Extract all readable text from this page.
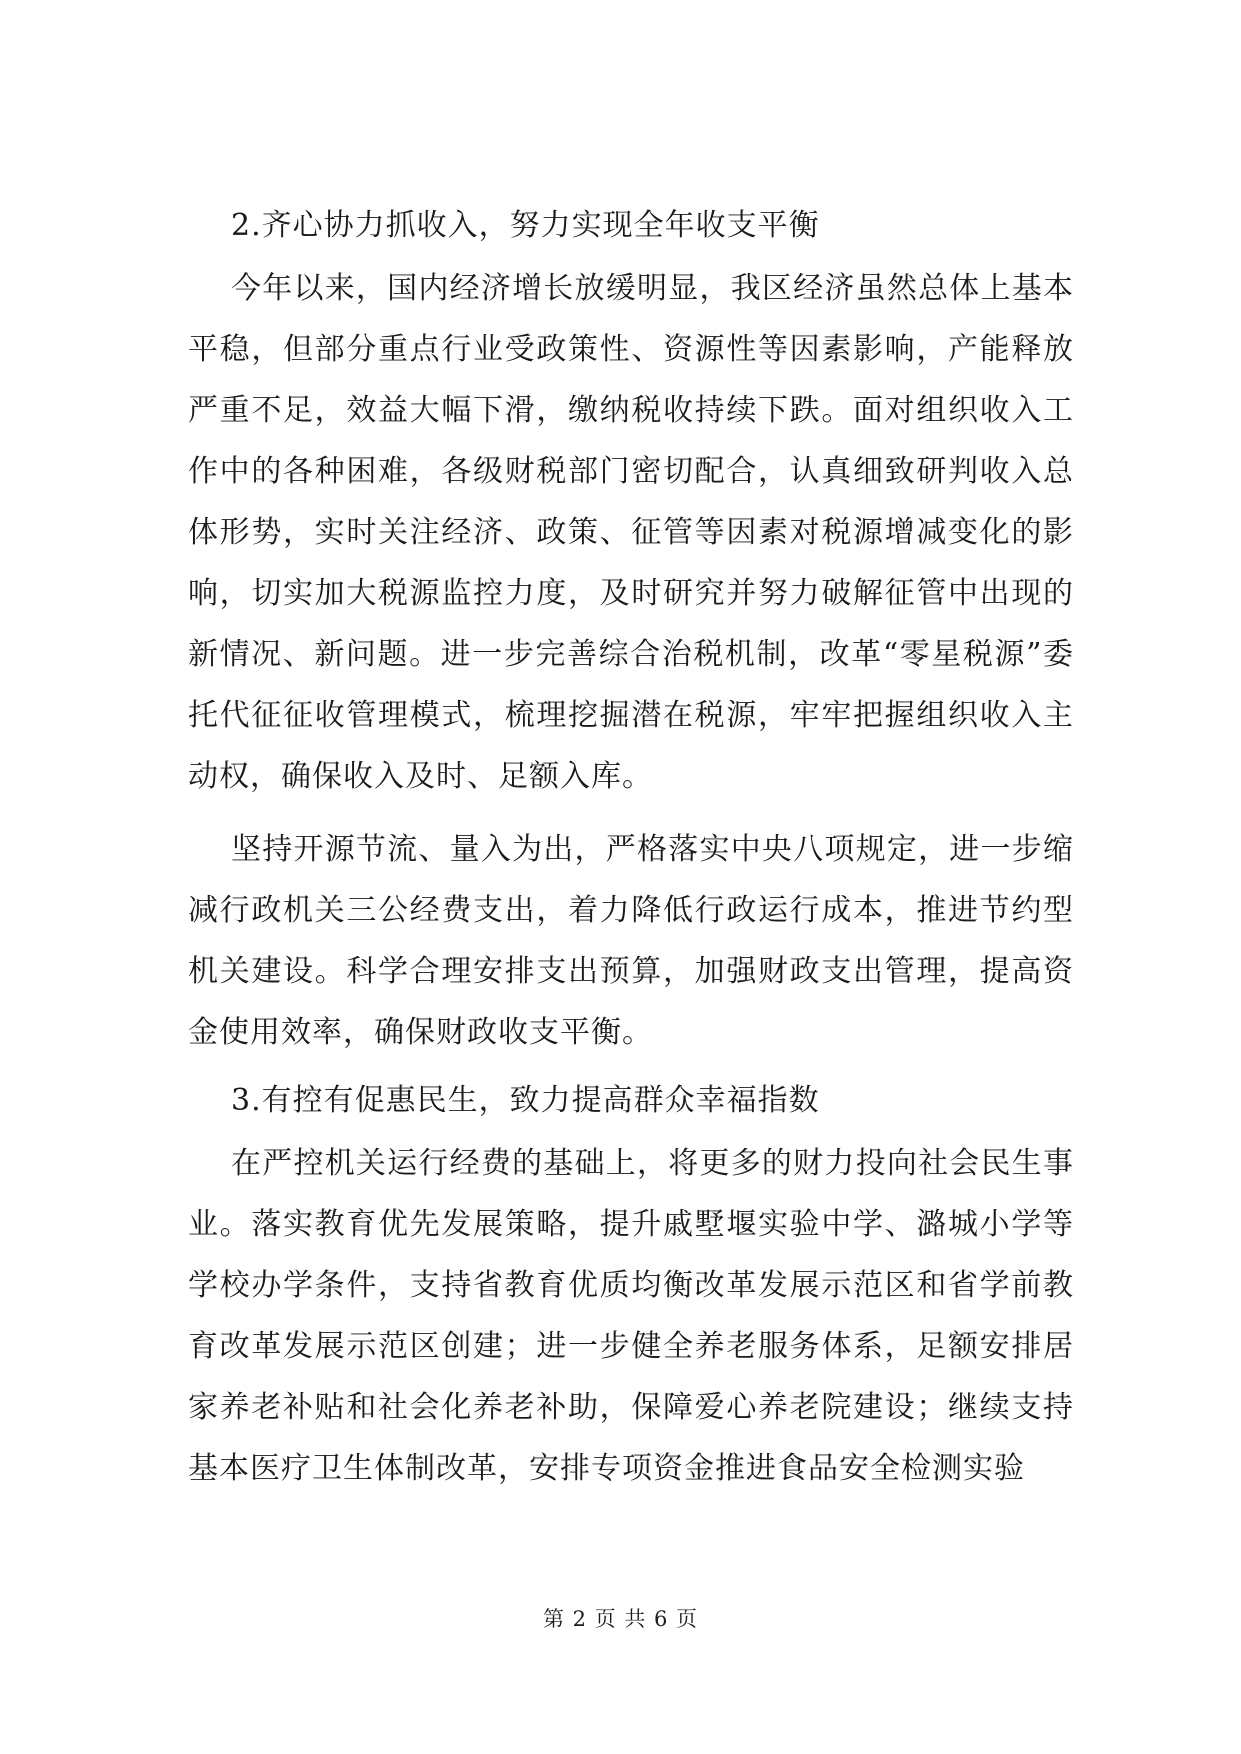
2.齐心协力抓收入，努力实现全年收支平衡

今年以来，国内经济增长放缓明显，我区经济虽然总体上基本平稳，但部分重点行业受政策性、资源性等因素影响，产能释放严重不足，效益大幅下滑，缴纳税收持续下跌。面对组织收入工作中的各种困难，各级财税部门密切配合，认真细致研判收入总体形势，实时关注经济、政策、征管等因素对税源增减变化的影响，切实加大税源监控力度，及时研究并努力破解征管中出现的新情况、新问题。进一步完善综合治税机制，改革“零星税源”委托代征征收管理模式，梳理挖掘潜在税源，牢牢把握组织收入主动权，确保收入及时、足额入库。

坚持开源节流、量入为出，严格落实中央八项规定，进一步缩减行政机关三公经费支出，着力降低行政运行成本，推进节约型机关建设。科学合理安排支出预算，加强财政支出管理，提高资金使用效率，确保财政收支平衡。

3.有控有促惠民生，致力提高群众幸福指数

在严控机关运行经费的基础上，将更多的财力投向社会民生事业。落实教育优先发展策略，提升戚墅堰实验中学、潞城小学等学校办学条件，支持省教育优质均衡改革发展示范区和省学前教育改革发展示范区创建；进一步健全养老服务体系，足额安排居家养老补贴和社会化养老补助，保障爱心养老院建设；继续支持基本医疗卫生体制改革，安排专项资金推进食品安全检测实验

第 2 页 共 6 页
